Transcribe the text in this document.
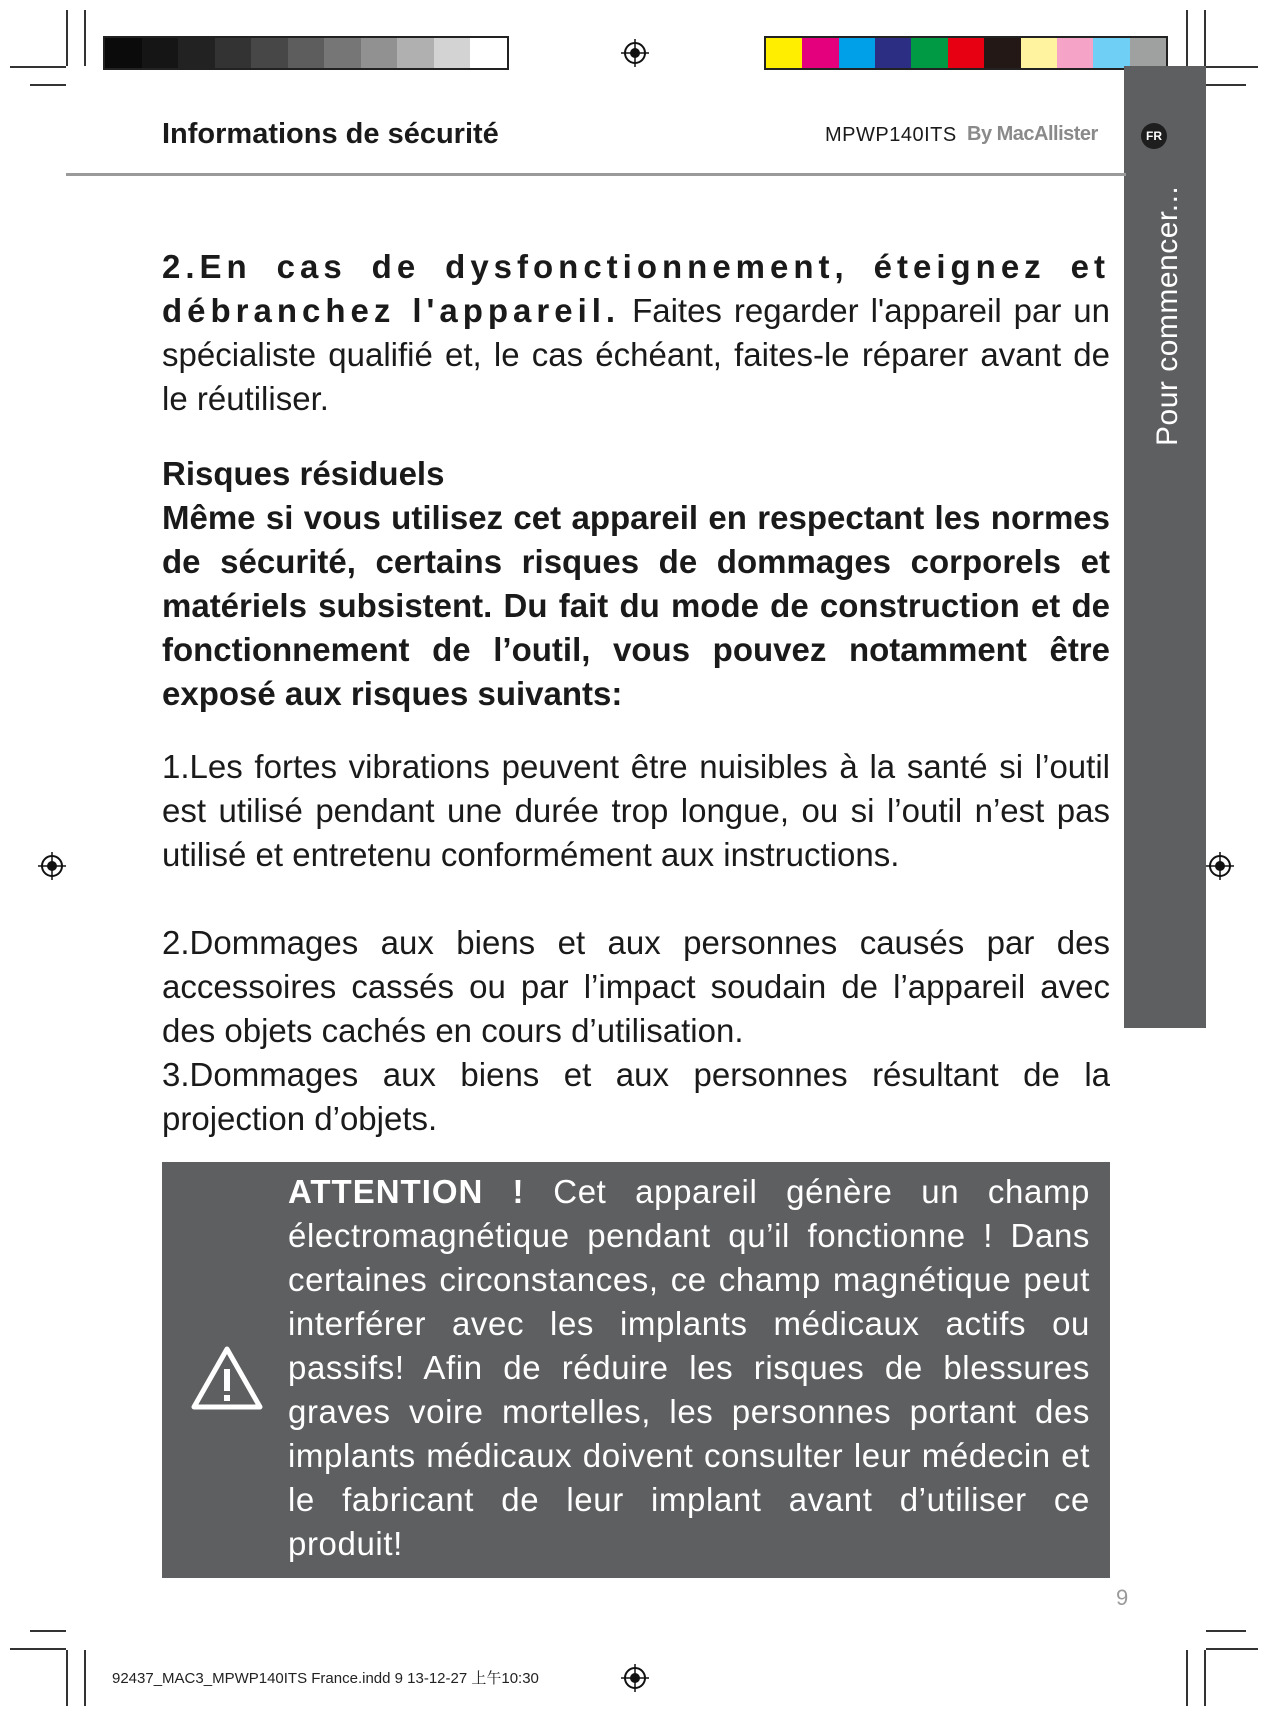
FR
Pour commencer...
Informations de sécurité	MPWP140ITS By MacAllister
2.En cas de dysfonctionnement, éteignez et débranchez l'appareil. Faites regarder l'appareil par un spécialiste qualifié et, le cas échéant, faites-le réparer avant de le réutiliser.
Risques résiduels
Même si vous utilisez cet appareil en respectant les normes de sécurité, certains risques de dommages corporels et matériels subsistent. Du fait du mode de construction et de fonctionnement de l’outil, vous pouvez notamment être exposé aux risques suivants:
1.Les fortes vibrations peuvent être nuisibles à la santé si l’outil est utilisé pendant une durée trop longue, ou si l’outil n’est pas utilisé et entretenu conformément aux instructions.
2.Dommages aux biens et aux personnes causés par des accessoires cassés ou par l’impact soudain de l’appareil avec des objets cachés en cours d’utilisation.
3.Dommages aux biens et aux personnes résultant de la projection d’objets.
ATTENTION ! Cet appareil génère un champ électromagnétique pendant qu’il fonctionne ! Dans certaines circonstances, ce champ magnétique peut interférer avec les implants médicaux actifs ou passifs! Afin de réduire les risques de blessures graves voire mortelles, les personnes portant des implants médicaux doivent consulter leur médecin et le fabricant de leur implant avant d’utiliser ce produit!
9
92437_MAC3_MPWP140ITS France.indd 9 13-12-27 上午10:30
